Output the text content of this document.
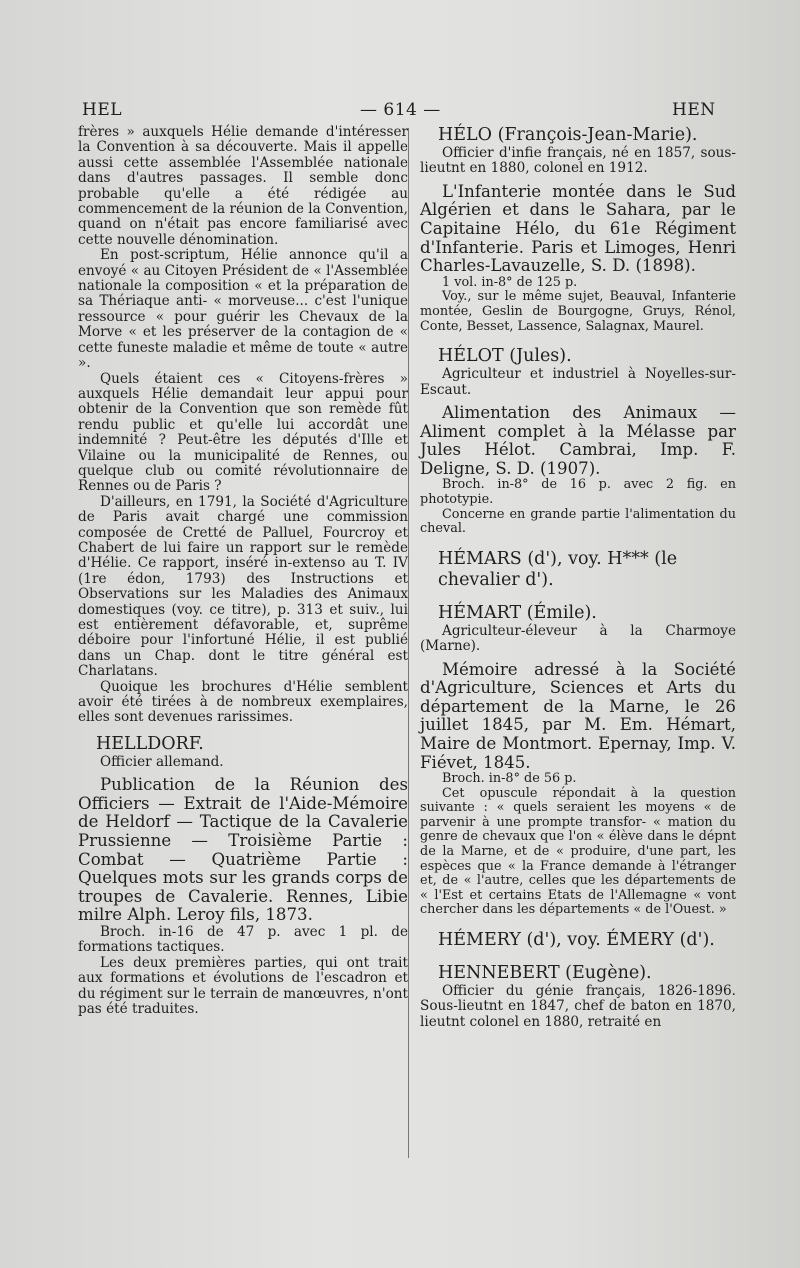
HEL	— 614 —	HEN

frères » auxquels Hélie demande d'intéresser la Convention à sa découverte. Mais il appelle aussi cette assemblée l'Assemblée nationale dans d'autres passages. Il semble donc probable qu'elle a été rédigée au commencement de la réunion de la Convention, quand on n'était pas encore familiarisé avec cette nouvelle dénomination.

En post-scriptum, Hélie annonce qu'il a envoyé « au Citoyen Président de « l'Assemblée nationale la composition « et la préparation de sa Thériaque anti- « morveuse... c'est l'unique ressource « pour guérir les Chevaux de la Morve « et les préserver de la contagion de « cette funeste maladie et même de toute « autre ».

Quels étaient ces « Citoyens-frères » auxquels Hélie demandait leur appui pour obtenir de la Convention que son remède fût rendu public et qu'elle lui accordât une indemnité ? Peut-être les députés d'Ille et Vilaine ou la municipalité de Rennes, ou quelque club ou comité révolutionnaire de Rennes ou de Paris ?

D'ailleurs, en 1791, la Société d'Agriculture de Paris avait chargé une commission composée de Cretté de Palluel, Fourcroy et Chabert de lui faire un rapport sur le remède d'Hélie. Ce rapport, inséré in-extenso au T. IV (1re édon, 1793) des Instructions et Observations sur les Maladies des Animaux domestiques (voy. ce titre), p. 313 et suiv., lui est entièrement défavorable, et, suprême déboire pour l'infortuné Hélie, il est publié dans un Chap. dont le titre général est Charlatans.

Quoique les brochures d'Hélie semblent avoir été tirées à de nombreux exemplaires, elles sont devenues rarissimes.

HELLDORF.

Officier allemand.

Publication de la Réunion des Officiers — Extrait de l'Aide-Mémoire de Heldorf — Tactique de la Cavalerie Prussienne — Troisième Partie : Combat — Quatrième Partie : Quelques mots sur les grands corps de troupes de Cavalerie. Rennes, Libie milre Alph. Leroy fils, 1873.

Broch. in-16 de 47 p. avec 1 pl. de formations tactiques.

Les deux premières parties, qui ont trait aux formations et évolutions de l'escadron et du régiment sur le terrain de manœuvres, n'ont pas été traduites.

HÉLO (François-Jean-Marie).

Officier d'infie français, né en 1857, sous-lieutnt en 1880, colonel en 1912.

L'Infanterie montée dans le Sud Algérien et dans le Sahara, par le Capitaine Hélo, du 61e Régiment d'Infanterie. Paris et Limoges, Henri Charles-Lavauzelle, S. D. (1898).

1 vol. in-8° de 125 p.

Voy., sur le même sujet, Beauval, Infanterie montée, Geslin de Bourgogne, Gruys, Rénol, Conte, Besset, Lassence, Salagnax, Maurel.

HÉLOT (Jules).

Agriculteur et industriel à Noyelles-sur-Escaut.

Alimentation des Animaux — Aliment complet à la Mélasse par Jules Hélot. Cambrai, Imp. F. Deligne, S. D. (1907).

Broch. in-8° de 16 p. avec 2 fig. en phototypie.

Concerne en grande partie l'alimentation du cheval.

HÉMARS (d'), voy. H*** (le chevalier d').
HÉMART (Émile).

Agriculteur-éleveur à la Charmoye (Marne).

Mémoire adressé à la Société d'Agriculture, Sciences et Arts du département de la Marne, le 26 juillet 1845, par M. Em. Hémart, Maire de Montmort. Epernay, Imp. V. Fiévet, 1845.

Broch. in-8° de 56 p.

Cet opuscule répondait à la question suivante : « quels seraient les moyens « de parvenir à une prompte transfor- « mation du genre de chevaux que l'on « élève dans le dépnt de la Marne, et de « produire, d'une part, les espèces que « la France demande à l'étranger et, de « l'autre, celles que les départements de « l'Est et certains Etats de l'Allemagne « vont chercher dans les départements « de l'Ouest. »

HÉMERY (d'), voy. ÉMERY (d').
HENNEBERT (Eugène).

Officier du génie français, 1826-1896. Sous-lieutnt en 1847, chef de baton en 1870, lieutnt colonel en 1880, retraité en
